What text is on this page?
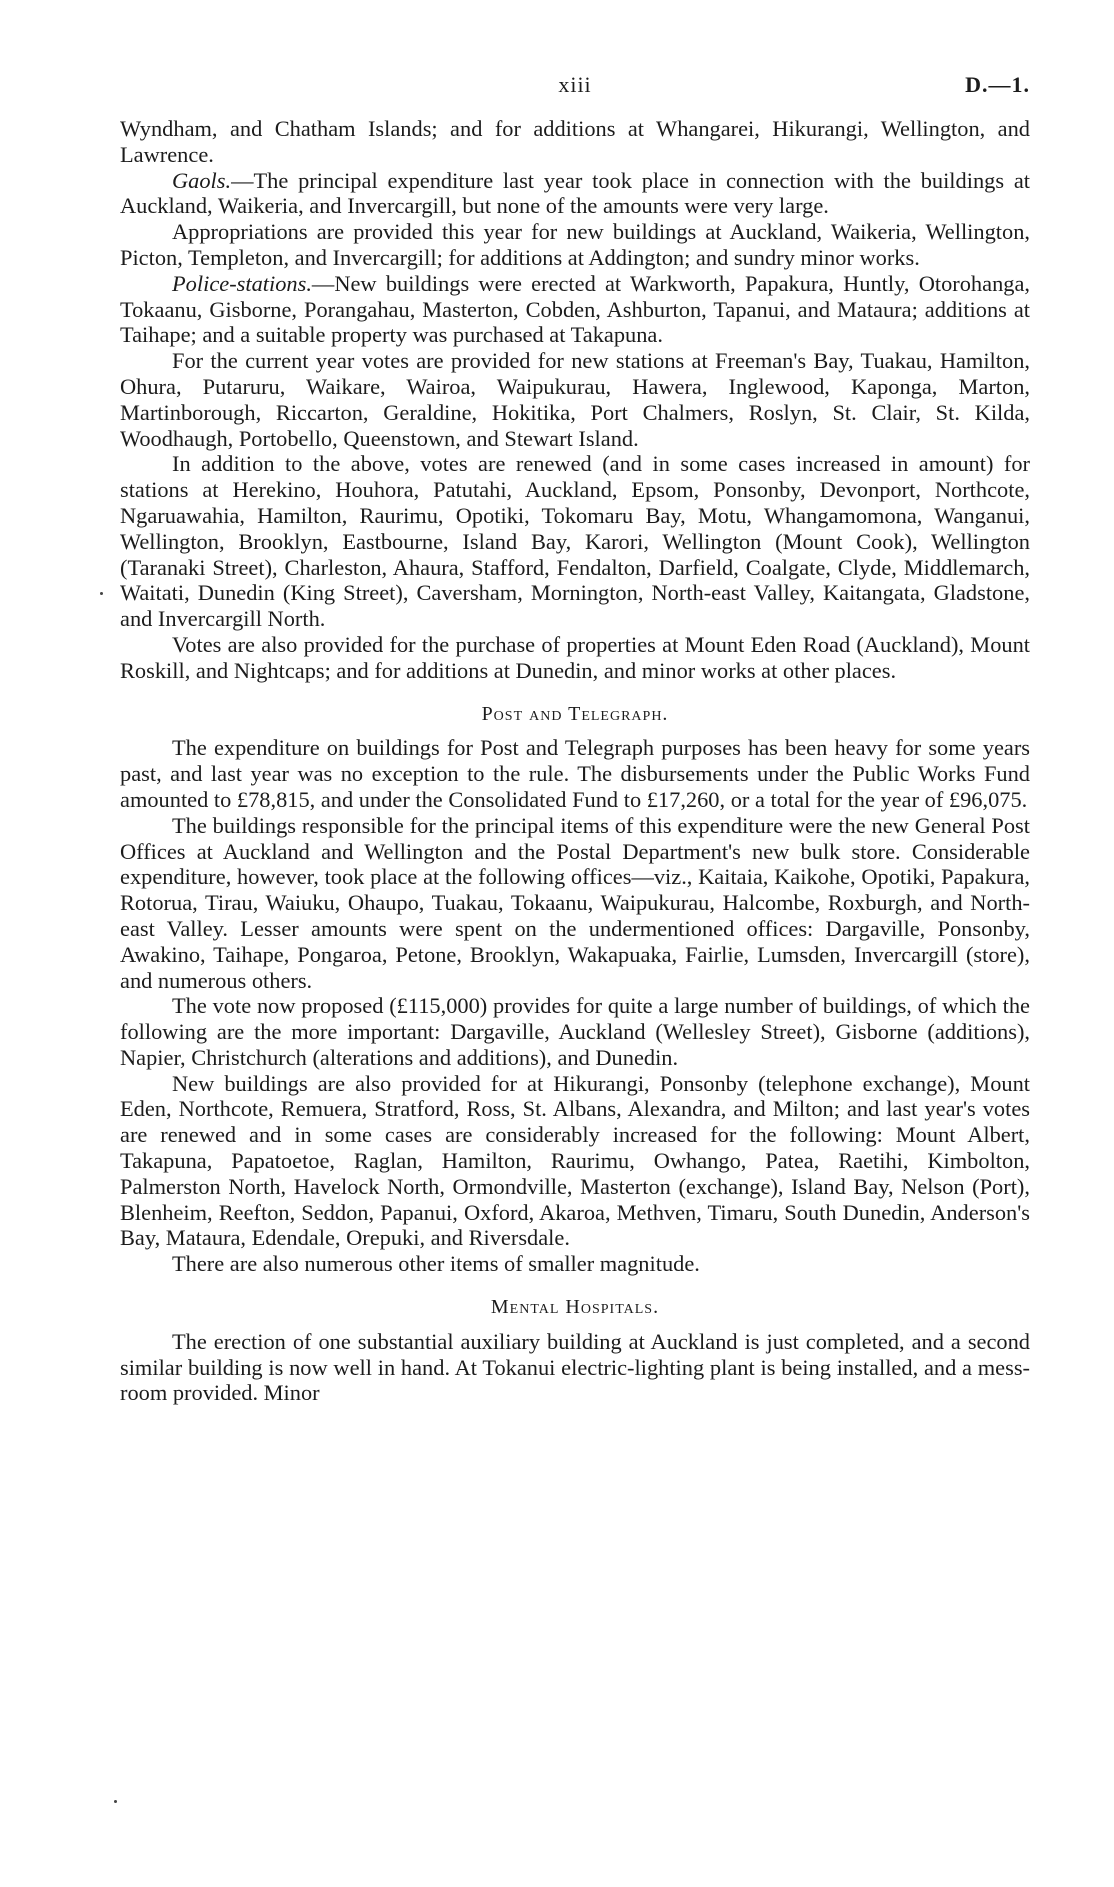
xiii	D.—1.

Wyndham, and Chatham Islands; and for additions at Whangarei, Hikurangi, Wellington, and Lawrence.

Gaols.—The principal expenditure last year took place in connection with the buildings at Auckland, Waikeria, and Invercargill, but none of the amounts were very large.

Appropriations are provided this year for new buildings at Auckland, Waikeria, Wellington, Picton, Templeton, and Invercargill; for additions at Addington; and sundry minor works.

Police-stations.—New buildings were erected at Warkworth, Papakura, Huntly, Otorohanga, Tokaanu, Gisborne, Porangahau, Masterton, Cobden, Ashburton, Tapanui, and Mataura; additions at Taihape; and a suitable property was purchased at Takapuna.

For the current year votes are provided for new stations at Freeman's Bay, Tuakau, Hamilton, Ohura, Putaruru, Waikare, Wairoa, Waipukurau, Hawera, Inglewood, Kaponga, Marton, Martinborough, Riccarton, Geraldine, Hokitika, Port Chalmers, Roslyn, St. Clair, St. Kilda, Woodhaugh, Portobello, Queenstown, and Stewart Island.

In addition to the above, votes are renewed (and in some cases increased in amount) for stations at Herekino, Houhora, Patutahi, Auckland, Epsom, Ponsonby, Devonport, Northcote, Ngaruawahia, Hamilton, Raurimu, Opotiki, Tokomaru Bay, Motu, Whangamomona, Wanganui, Wellington, Brooklyn, Eastbourne, Island Bay, Karori, Wellington (Mount Cook), Wellington (Taranaki Street), Charleston, Ahaura, Stafford, Fendalton, Darfield, Coalgate, Clyde, Middlemarch, Waitati, Dunedin (King Street), Caversham, Mornington, North-east Valley, Kaitangata, Gladstone, and Invercargill North.

Votes are also provided for the purchase of properties at Mount Eden Road (Auckland), Mount Roskill, and Nightcaps; and for additions at Dunedin, and minor works at other places.

Post and Telegraph.

The expenditure on buildings for Post and Telegraph purposes has been heavy for some years past, and last year was no exception to the rule. The disbursements under the Public Works Fund amounted to £78,815, and under the Consolidated Fund to £17,260, or a total for the year of £96,075.

The buildings responsible for the principal items of this expenditure were the new General Post Offices at Auckland and Wellington and the Postal Department's new bulk store. Considerable expenditure, however, took place at the following offices—viz., Kaitaia, Kaikohe, Opotiki, Papakura, Rotorua, Tirau, Waiuku, Ohaupo, Tuakau, Tokaanu, Waipukurau, Halcombe, Roxburgh, and North-east Valley. Lesser amounts were spent on the undermentioned offices: Dargaville, Ponsonby, Awakino, Taihape, Pongaroa, Petone, Brooklyn, Wakapuaka, Fairlie, Lumsden, Invercargill (store), and numerous others.

The vote now proposed (£115,000) provides for quite a large number of buildings, of which the following are the more important: Dargaville, Auckland (Wellesley Street), Gisborne (additions), Napier, Christchurch (alterations and additions), and Dunedin.

New buildings are also provided for at Hikurangi, Ponsonby (telephone exchange), Mount Eden, Northcote, Remuera, Stratford, Ross, St. Albans, Alexandra, and Milton; and last year's votes are renewed and in some cases are considerably increased for the following: Mount Albert, Takapuna, Papatoetoe, Raglan, Hamilton, Raurimu, Owhango, Patea, Raetihi, Kimbolton, Palmerston North, Havelock North, Ormondville, Masterton (exchange), Island Bay, Nelson (Port), Blenheim, Reefton, Seddon, Papanui, Oxford, Akaroa, Methven, Timaru, South Dunedin, Anderson's Bay, Mataura, Edendale, Orepuki, and Riversdale.

There are also numerous other items of smaller magnitude.

Mental Hospitals.

The erection of one substantial auxiliary building at Auckland is just completed, and a second similar building is now well in hand. At Tokanui electric-lighting plant is being installed, and a mess-room provided. Minor
